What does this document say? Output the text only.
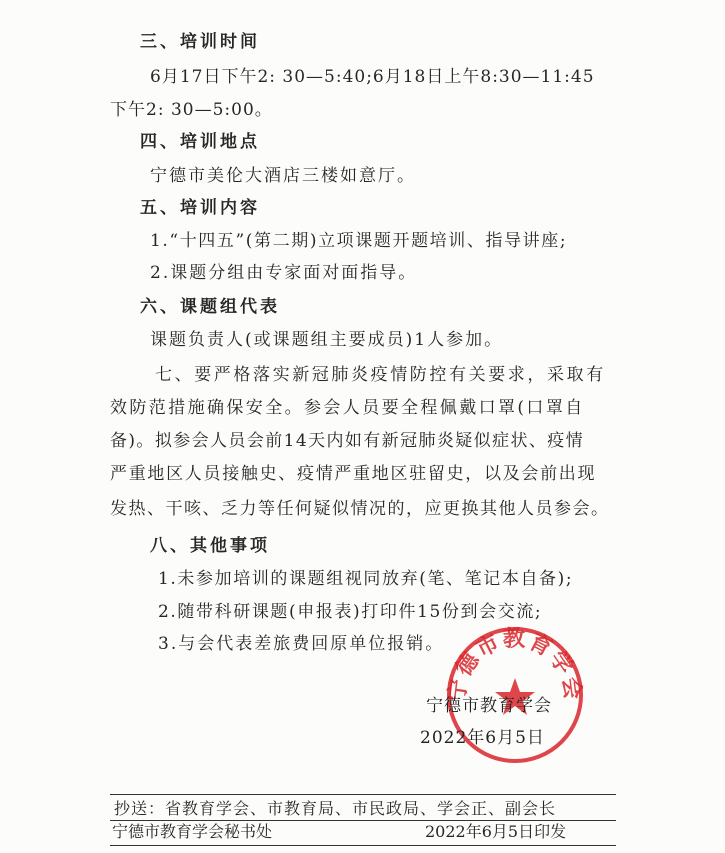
三、培训时间
6月17日下午2: 30—5:40;6月18日上午8:30—11:45
下午2: 30—5:00。
四、培训地点
宁德市美伦大酒店三楼如意厅。
五、培训内容
1.“十四五”(第二期)立项课题开题培训、指导讲座;
2.课题分组由专家面对面指导。
六、课题组代表
课题负责人(或课题组主要成员)1人参加。
七、要严格落实新冠肺炎疫情防控有关要求，采取有
效防范措施确保安全。参会人员要全程佩戴口罩(口罩自
备)。拟参会人员会前14天内如有新冠肺炎疑似症状、疫情
严重地区人员接触史、疫情严重地区驻留史，以及会前出现
发热、干咳、乏力等任何疑似情况的，应更换其他人员参会。
八、其他事项
1.未参加培训的课题组视同放弃(笔、笔记本自备);
2.随带科研课题(申报表)打印件15份到会交流;
3.与会代表差旅费回原单位报销。
宁德市教育学会
宁德市教育学会
2022年6月5日
抄送：省教育学会、市教育局、市民政局、学会正、副会长
宁德市教育学会秘书处	2022年6月5日印发
